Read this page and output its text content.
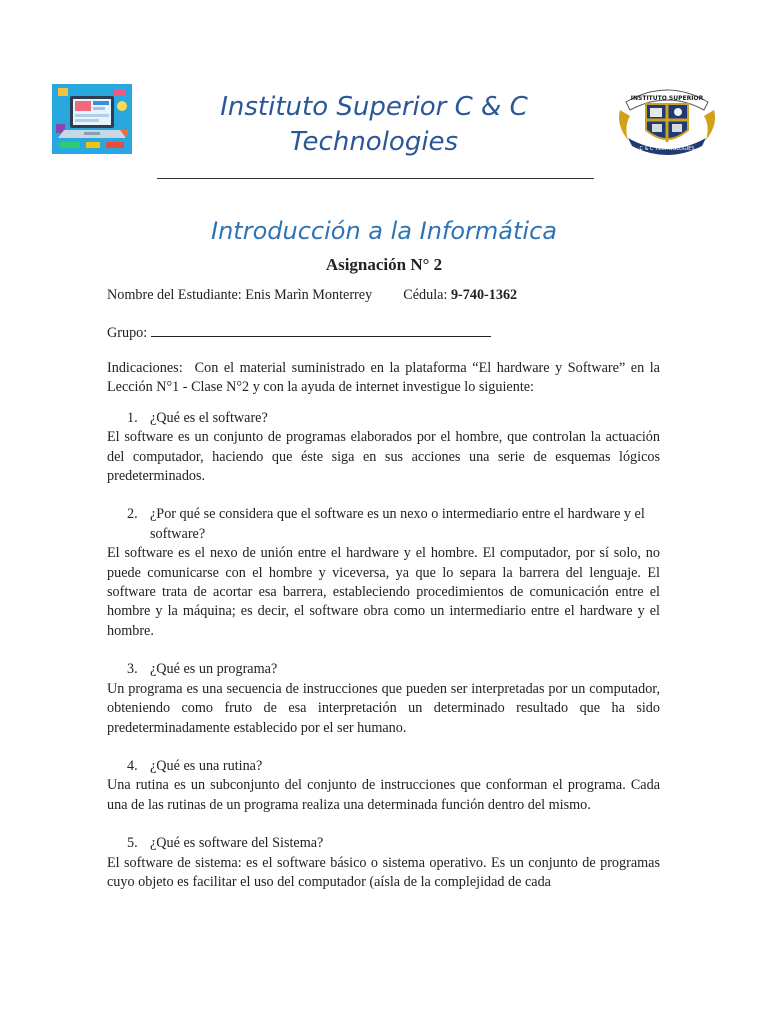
Instituto Superior C & C Technologies
INSTITUTO SUPERIOR
C & C TECHNOLOGIES
Introducción a la Informática
Asignación N° 2
Nombre del Estudiante: Enis Marìn Monterrey Cédula: 9-740-1362
Grupo:

Indicaciones: Con el material suministrado en la plataforma “El hardware y Software” en la Lección N°1 - Clase N°2 y con la ayuda de internet investigue lo siguiente:

1. ¿Qué es el software?

El software es un conjunto de programas elaborados por el hombre, que controlan la actuación del computador, haciendo que éste siga en sus acciones una serie de esquemas lógicos predeterminados.

2. ¿Por qué se considera que el software es un nexo o intermediario entre el hardware y el software?

El software es el nexo de unión entre el hardware y el hombre. El computador, por sí solo, no puede comunicarse con el hombre y viceversa, ya que lo separa la barrera del lenguaje. El software trata de acortar esa barrera, estableciendo procedimientos de comunicación entre el hombre y la máquina; es decir, el software obra como un intermediario entre el hardware y el hombre.

3. ¿Qué es un programa?

Un programa es una secuencia de instrucciones que pueden ser interpretadas por un computador, obteniendo como fruto de esa interpretación un determinado resultado que ha sido predeterminadamente establecido por el ser humano.

4. ¿Qué es una rutina?

Una rutina es un subconjunto del conjunto de instrucciones que conforman el programa. Cada una de las rutinas de un programa realiza una determinada función dentro del mismo.

5. ¿Qué es software del Sistema?

El software de sistema: es el software básico o sistema operativo. Es un conjunto de programas cuyo objeto es facilitar el uso del computador (aísla de la complejidad de cada
